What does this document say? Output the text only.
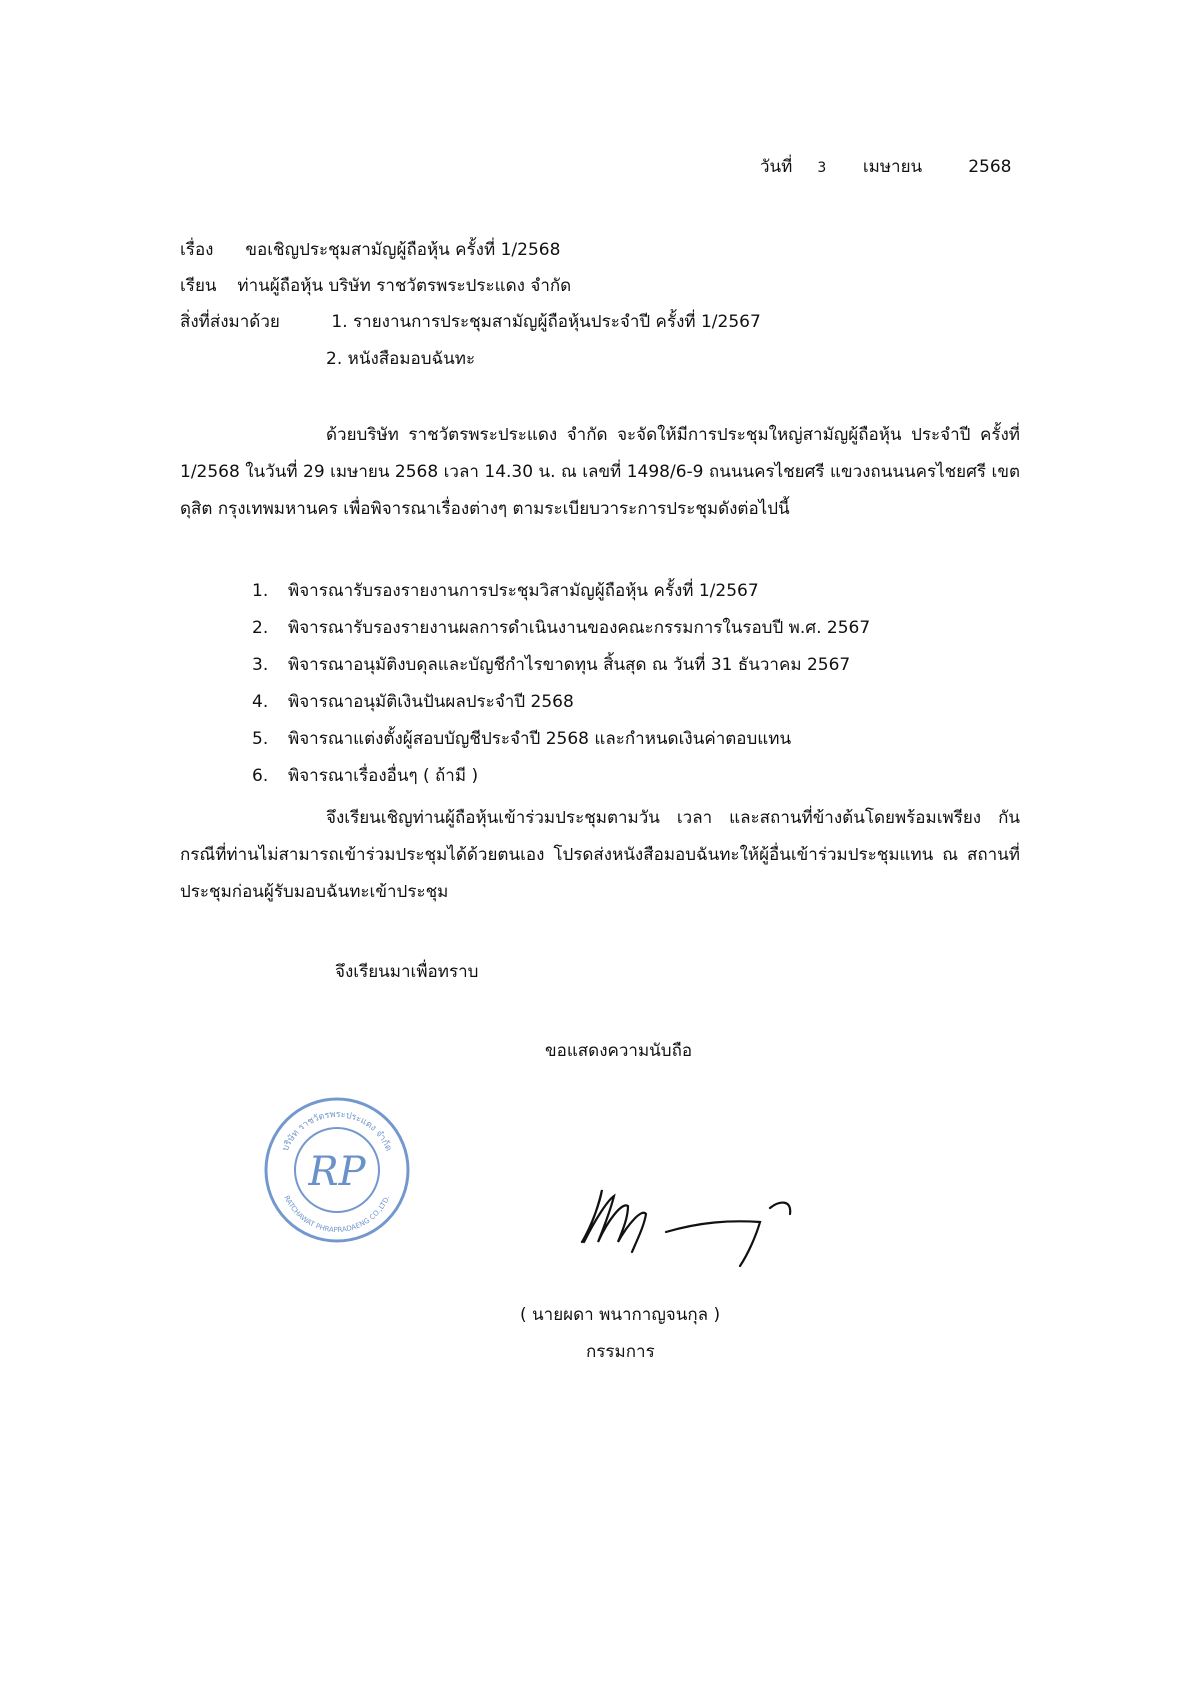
วันที่ 3 เมษายน	2568
เรื่อง ขอเชิญประชุมสามัญผู้ถือหุ้น ครั้งที่ 1/2568
เรียน ท่านผู้ถือหุ้น บริษัท ราชวัตรพระประแดง จำกัด
สิ่งที่ส่งมาด้วย	1. รายงานการประชุมสามัญผู้ถือหุ้นประจำปี ครั้งที่ 1/2567
2. หนังสือมอบฉันทะ
ด้วยบริษัท ราชวัตรพระประแดง จำกัด จะจัดให้มีการประชุมใหญ่สามัญผู้ถือหุ้น ประจำปี ครั้งที่ 1/2568 ในวันที่ 29 เมษายน 2568 เวลา 14.30 น. ณ เลขที่ 1498/6-9 ถนนนครไชยศรี แขวงถนนนครไชยศรี เขตดุสิต กรุงเทพมหานคร เพื่อพิจารณาเรื่องต่างๆ ตามระเบียบวาระการประชุมดังต่อไปนี้
1. พิจารณารับรองรายงานการประชุมวิสามัญผู้ถือหุ้น ครั้งที่ 1/2567
2. พิจารณารับรองรายงานผลการดำเนินงานของคณะกรรมการในรอบปี พ.ศ. 2567
3. พิจารณาอนุมัติงบดุลและบัญชีกำไรขาดทุน สิ้นสุด ณ วันที่ 31 ธันวาคม 2567
4. พิจารณาอนุมัติเงินปันผลประจำปี 2568
5. พิจารณาแต่งตั้งผู้สอบบัญชีประจำปี 2568 และกำหนดเงินค่าตอบแทน
6. พิจารณาเรื่องอื่นๆ ( ถ้ามี )
จึงเรียนเชิญท่านผู้ถือหุ้นเข้าร่วมประชุมตามวัน เวลา และสถานที่ข้างต้นโดยพร้อมเพรียง กันกรณีที่ท่านไม่สามารถเข้าร่วมประชุมได้ด้วยตนเอง โปรดส่งหนังสือมอบฉันทะให้ผู้อื่นเข้าร่วมประชุมแทน ณ สถานที่ประชุมก่อนผู้รับมอบฉันทะเข้าประชุม
จึงเรียนมาเพื่อทราบ
ขอแสดงความนับถือ
บริษัท ราชวัตรพระประแดง จำกัด
RATCHAWAT PHRAPRADAENG CO.,LTD.
RP
( นายผดา พนากาญจนกุล )
กรรมการ
